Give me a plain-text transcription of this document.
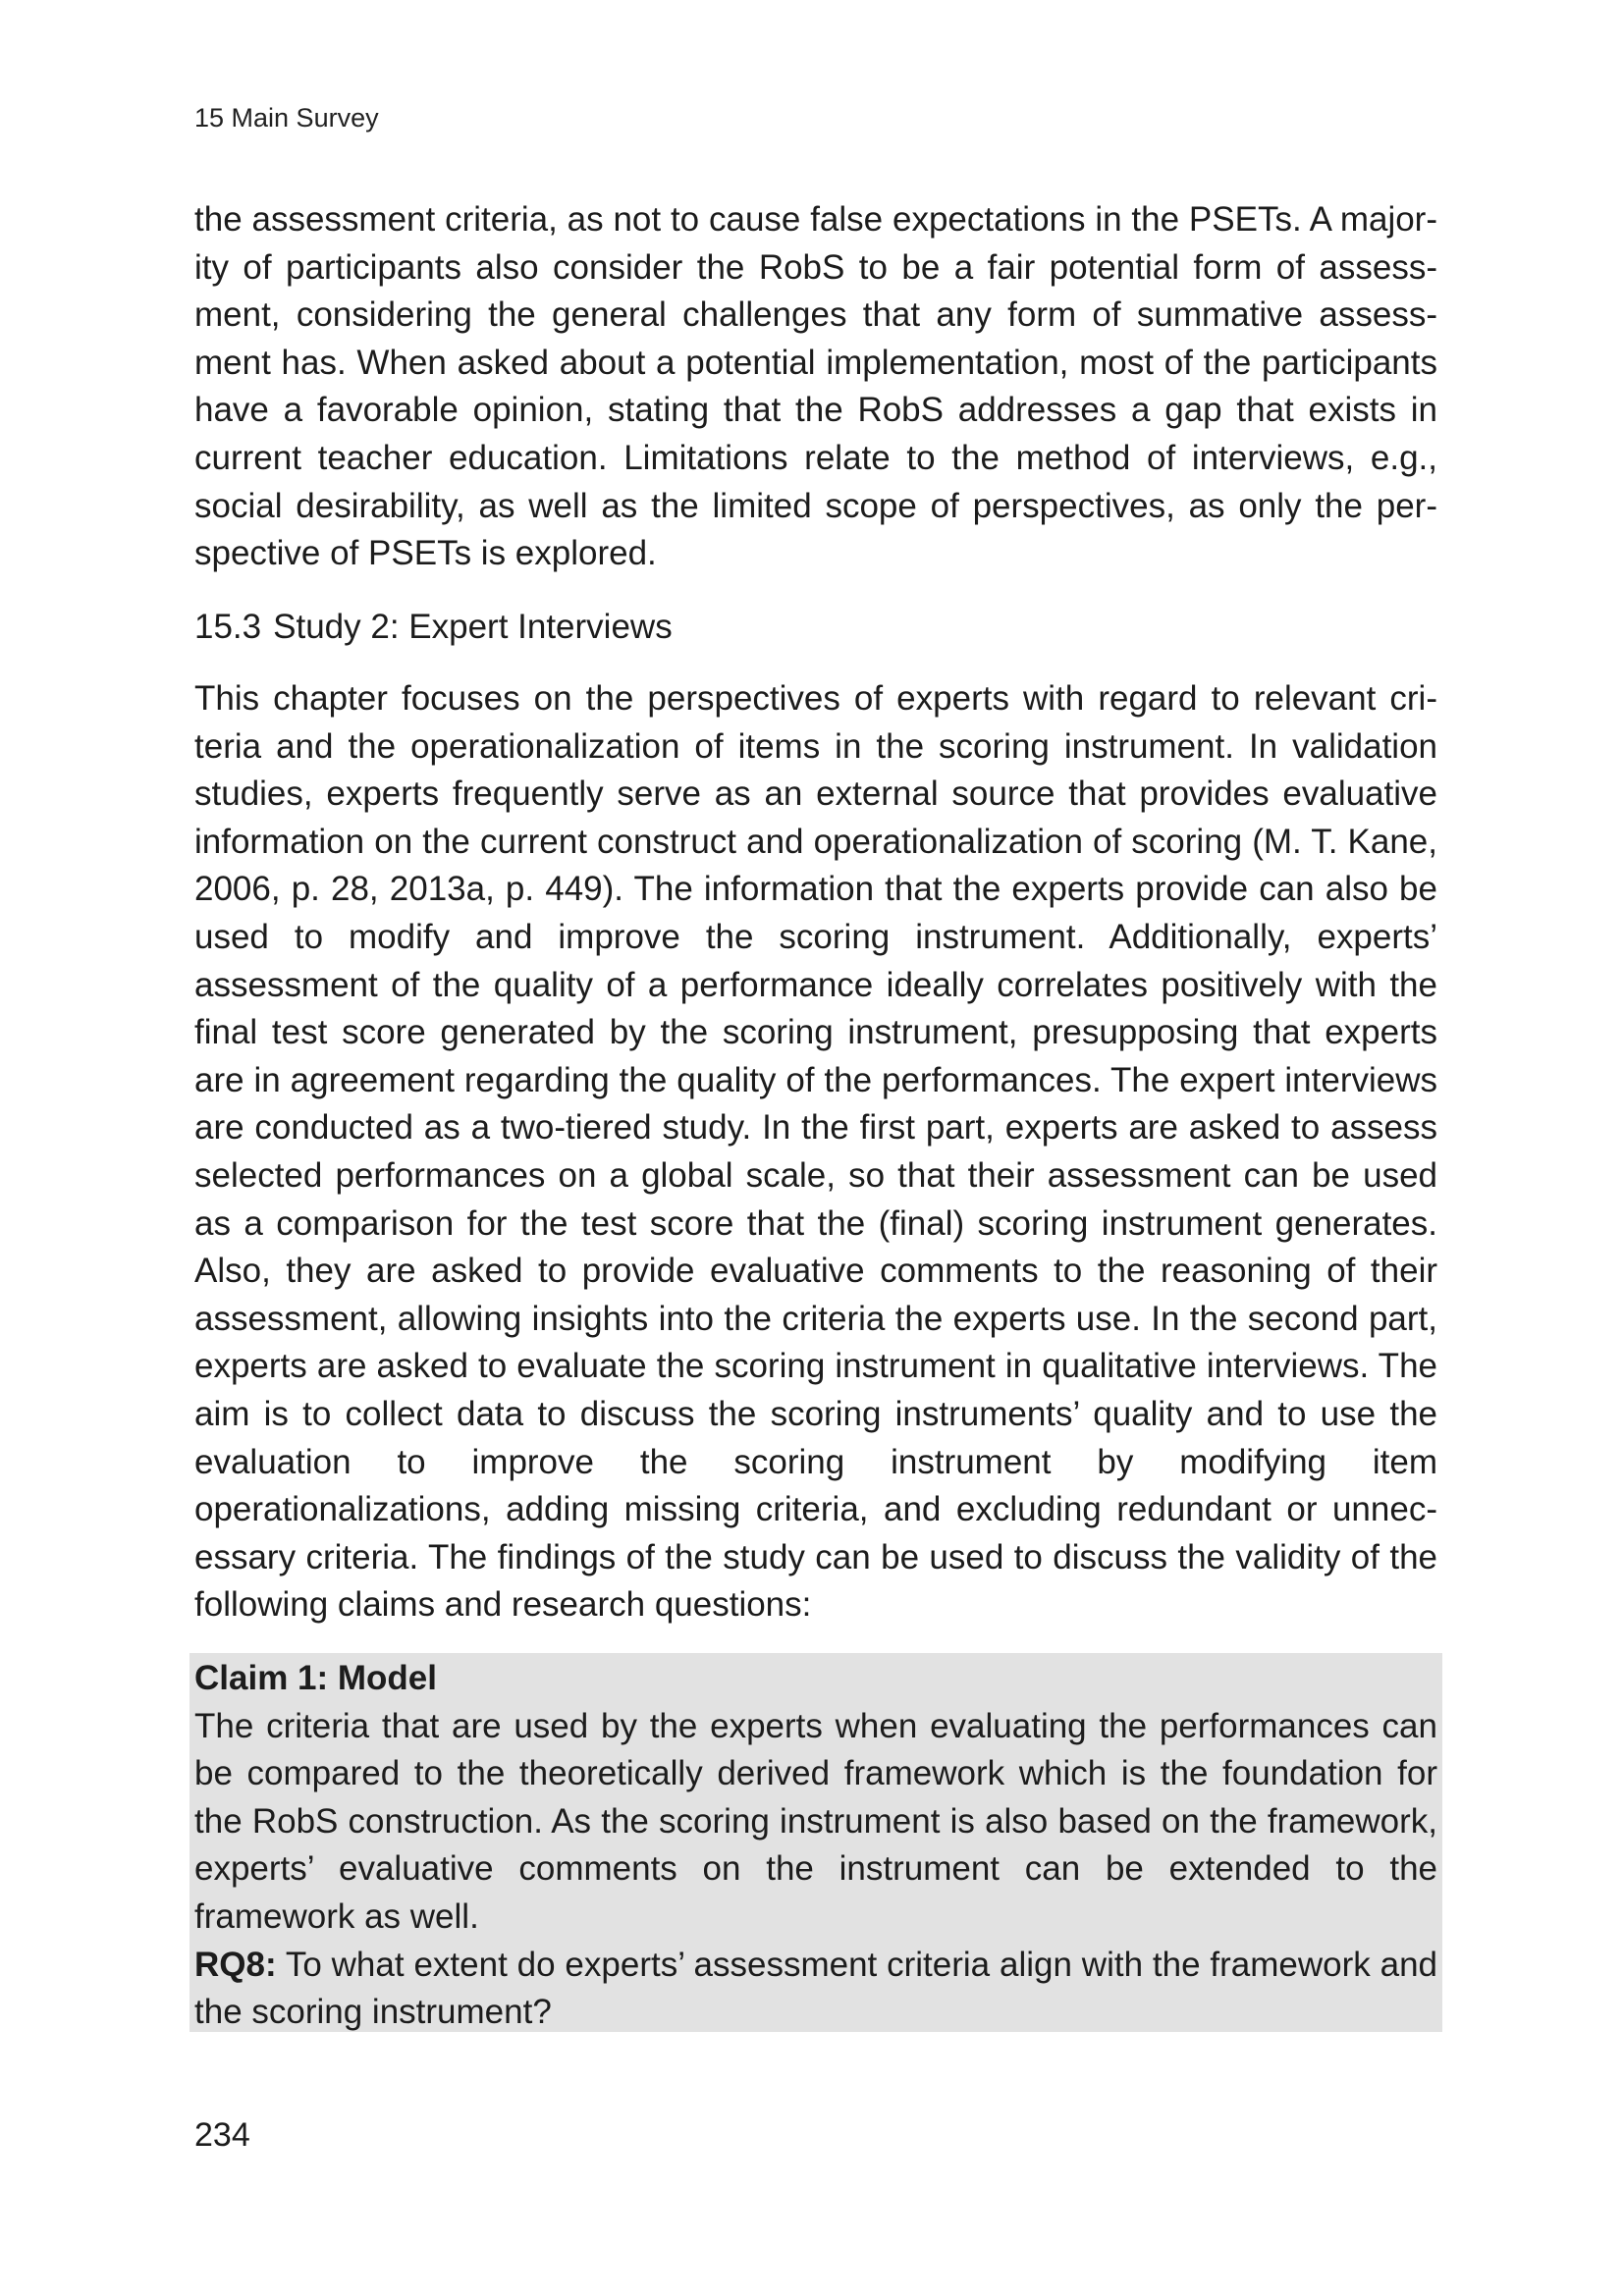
15 Main Survey

the assessment criteria, as not to cause false expectations in the PSETs. A majority of participants also consider the RobS to be a fair potential form of assessment, considering the general challenges that any form of summative assessment has. When asked about a potential implementation, most of the participants have a favorable opinion, stating that the RobS addresses a gap that exists in current teacher education. Limitations relate to the method of interviews, e.g., social desirability, as well as the limited scope of perspectives, as only the perspective of PSETs is explored.

15.3 Study 2: Expert Interviews

This chapter focuses on the perspectives of experts with regard to relevant criteria and the operationalization of items in the scoring instrument. In validation studies, experts frequently serve as an external source that provides evaluative information on the current construct and operationalization of scoring (M. T. Kane, 2006, p. 28, 2013a, p. 449). The information that the experts provide can also be used to modify and improve the scoring instrument. Additionally, experts’ assessment of the quality of a performance ideally correlates positively with the final test score generated by the scoring instrument, presupposing that experts are in agreement regarding the quality of the performances. The expert interviews are conducted as a two-tiered study. In the first part, experts are asked to assess selected performances on a global scale, so that their assessment can be used as a comparison for the test score that the (final) scoring instrument generates. Also, they are asked to provide evaluative comments to the reasoning of their assessment, allowing insights into the criteria the experts use. In the second part, experts are asked to evaluate the scoring instrument in qualitative interviews. The aim is to collect data to discuss the scoring instruments’ quality and to use the evaluation to improve the scoring instrument by modifying item operationalizations, adding missing criteria, and excluding redundant or unnecessary criteria. The findings of the study can be used to discuss the validity of the following claims and research questions:

Claim 1: Model

The criteria that are used by the experts when evaluating the performances can be compared to the theoretically derived framework which is the foundation for the RobS construction. As the scoring instrument is also based on the framework, experts’ evaluative comments on the instrument can be extended to the framework as well.

RQ8: To what extent do experts’ assessment criteria align with the framework and the scoring instrument?

234
